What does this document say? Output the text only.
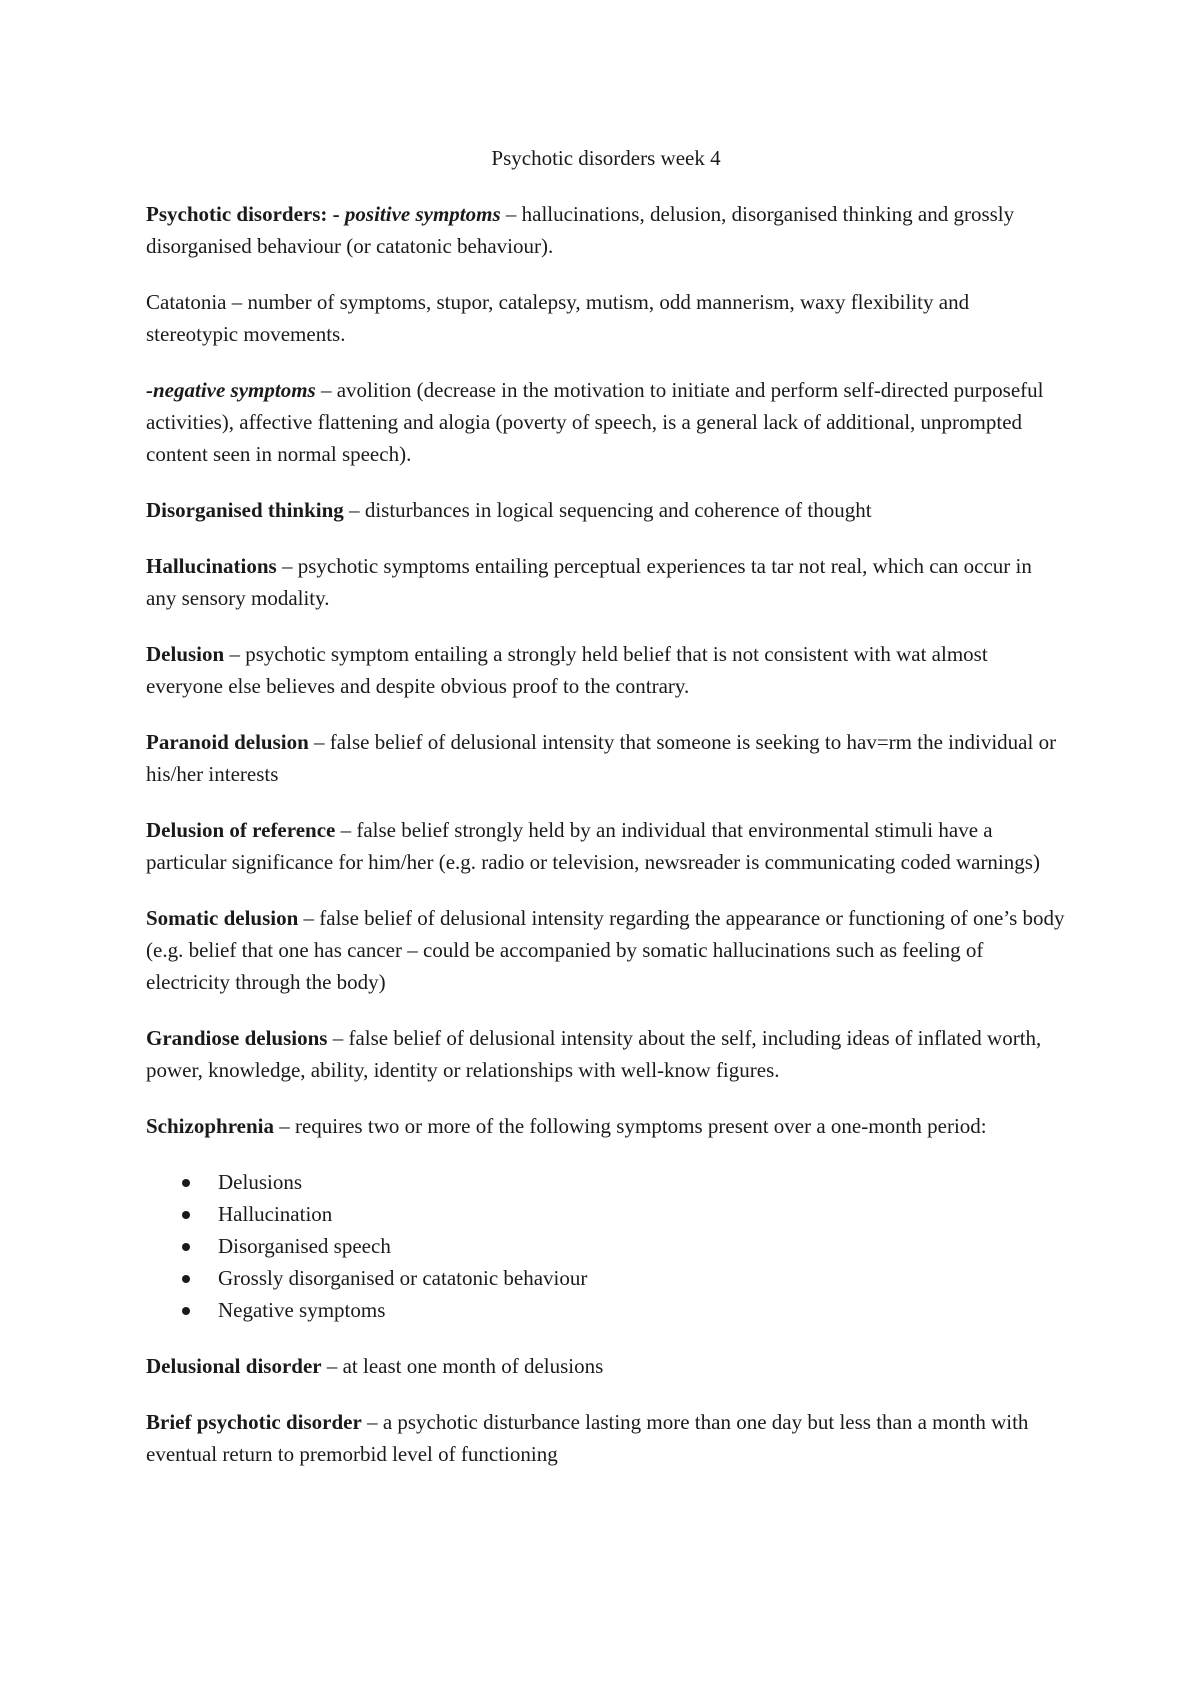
Psychotic disorders week 4

Psychotic disorders: - positive symptoms – hallucinations, delusion, disorganised thinking and grossly disorganised behaviour (or catatonic behaviour).

Catatonia – number of symptoms, stupor, catalepsy, mutism, odd mannerism, waxy flexibility and stereotypic movements.

-negative symptoms – avolition (decrease in the motivation to initiate and perform self-directed purposeful activities), affective flattening and alogia (poverty of speech, is a general lack of additional, unprompted content seen in normal speech).

Disorganised thinking – disturbances in logical sequencing and coherence of thought

Hallucinations – psychotic symptoms entailing perceptual experiences ta tar not real, which can occur in any sensory modality.

Delusion – psychotic symptom entailing a strongly held belief that is not consistent with wat almost everyone else believes and despite obvious proof to the contrary.

Paranoid delusion – false belief of delusional intensity that someone is seeking to hav=rm the individual or his/her interests

Delusion of reference – false belief strongly held by an individual that environmental stimuli have a particular significance for him/her (e.g. radio or television, newsreader is communicating coded warnings)

Somatic delusion – false belief of delusional intensity regarding the appearance or functioning of one’s body (e.g. belief that one has cancer – could be accompanied by somatic hallucinations such as feeling of electricity through the body)

Grandiose delusions – false belief of delusional intensity about the self, including ideas of inflated worth, power, knowledge, ability, identity or relationships with well-know figures.

Schizophrenia – requires two or more of the following symptoms present over a one-month period:

Delusions
Hallucination
Disorganised speech
Grossly disorganised or catatonic behaviour
Negative symptoms

Delusional disorder – at least one month of delusions

Brief psychotic disorder – a psychotic disturbance lasting more than one day but less than a month with eventual return to premorbid level of functioning
